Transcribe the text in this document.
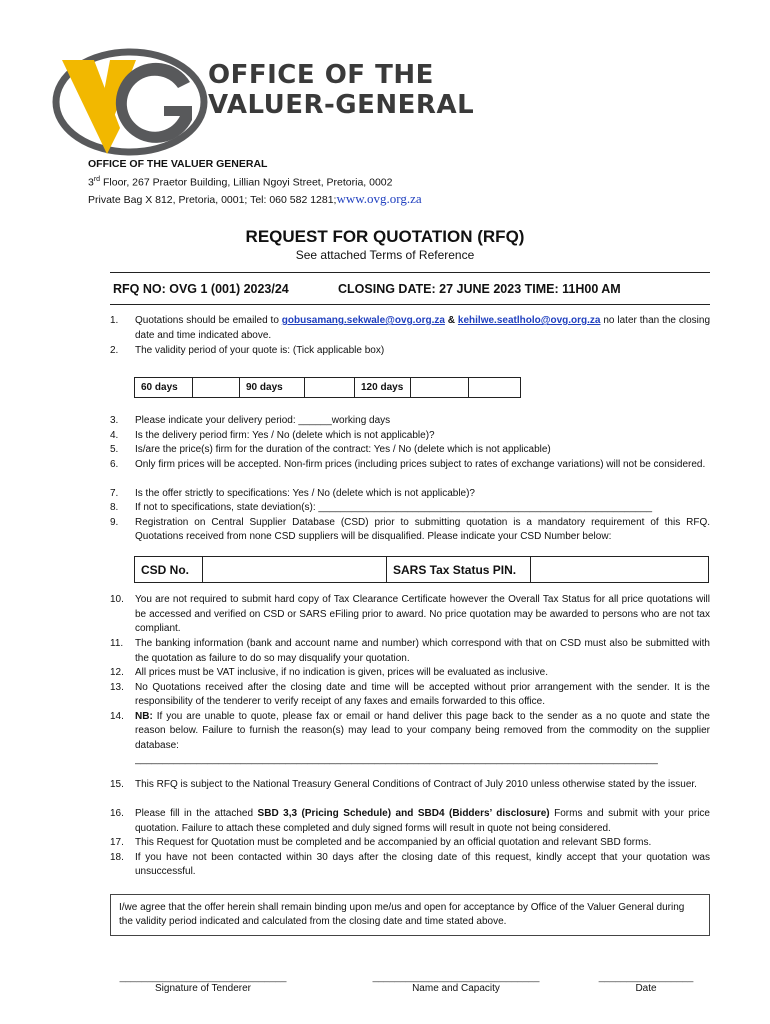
OFFICE OF THE
VALUER-GENERAL
OFFICE OF THE VALUER GENERAL
3rd Floor, 267 Praetor Building, Lillian Ngoyi Street, Pretoria, 0002
Private Bag X 812, Pretoria, 0001; Tel: 060 582 1281;www.ovg.org.za
REQUEST FOR QUOTATION (RFQ)
See attached Terms of Reference
RFQ NO: OVG 1 (001) 2023/24	CLOSING DATE: 27 JUNE 2023 TIME: 11H00 AM
1.	Quotations should be emailed to gobusamang.sekwale@ovg.org.za & kehilwe.seatlholo@ovg.org.za no later than the closing date and time indicated above.
2.	The validity period of your quote is: (Tick applicable box)
60 days		90 days		120 days		
3.	Please indicate your delivery period: ______working days
4.	Is the delivery period firm: Yes / No (delete which is not applicable)?
5.	Is/are the price(s) firm for the duration of the contract: Yes / No (delete which is not applicable)
6.	Only firm prices will be accepted. Non-firm prices (including prices subject to rates of exchange variations) will not be considered.
7.	Is the offer strictly to specifications: Yes / No (delete which is not applicable)?
8.	If not to specifications, state deviation(s): ____________________________________________________________
9.	Registration on Central Supplier Database (CSD) prior to submitting quotation is a mandatory requirement of this RFQ. Quotations received from none CSD suppliers will be disqualified. Please indicate your CSD Number below:
CSD No.		SARS Tax Status PIN.	
10.	You are not required to submit hard copy of Tax Clearance Certificate however the Overall Tax Status for all price quotations will be accessed and verified on CSD or SARS eFiling prior to award. No price quotation may be awarded to persons who are not tax compliant.
11.	The banking information (bank and account name and number) which correspond with that on CSD must also be submitted with the quotation as failure to do so may disqualify your quotation.
12.	All prices must be VAT inclusive, if no indication is given, prices will be evaluated as inclusive.
13.	No Quotations received after the closing date and time will be accepted without prior arrangement with the sender. It is the responsibility of the tenderer to verify receipt of any faxes and emails forwarded to this office.
14.	NB: If you are unable to quote, please fax or email or hand deliver this page back to the sender as a no quote and state the reason below. Failure to furnish the reason(s) may lead to your company being removed from the commodity on the supplier database:
______________________________________________________________________________________________
15.	This RFQ is subject to the National Treasury General Conditions of Contract of July 2010 unless otherwise stated by the issuer.
16.	Please fill in the attached SBD 3,3 (Pricing Schedule) and SBD4 (Bidders’ disclosure) Forms and submit with your price quotation. Failure to attach these completed and duly signed forms will result in quote not being considered.
17.	This Request for Quotation must be completed and be accompanied by an official quotation and relevant SBD forms.
18.	If you have not been contacted within 30 days after the closing date of this request, kindly accept that your quotation was unsuccessful.
I/we agree that the offer herein shall remain binding upon me/us and open for acceptance by Office of the Valuer General during the validity period indicated and calculated from the closing date and time stated above.
______________________________
Signature of Tenderer
______________________________
Name and Capacity
_________________
Date
